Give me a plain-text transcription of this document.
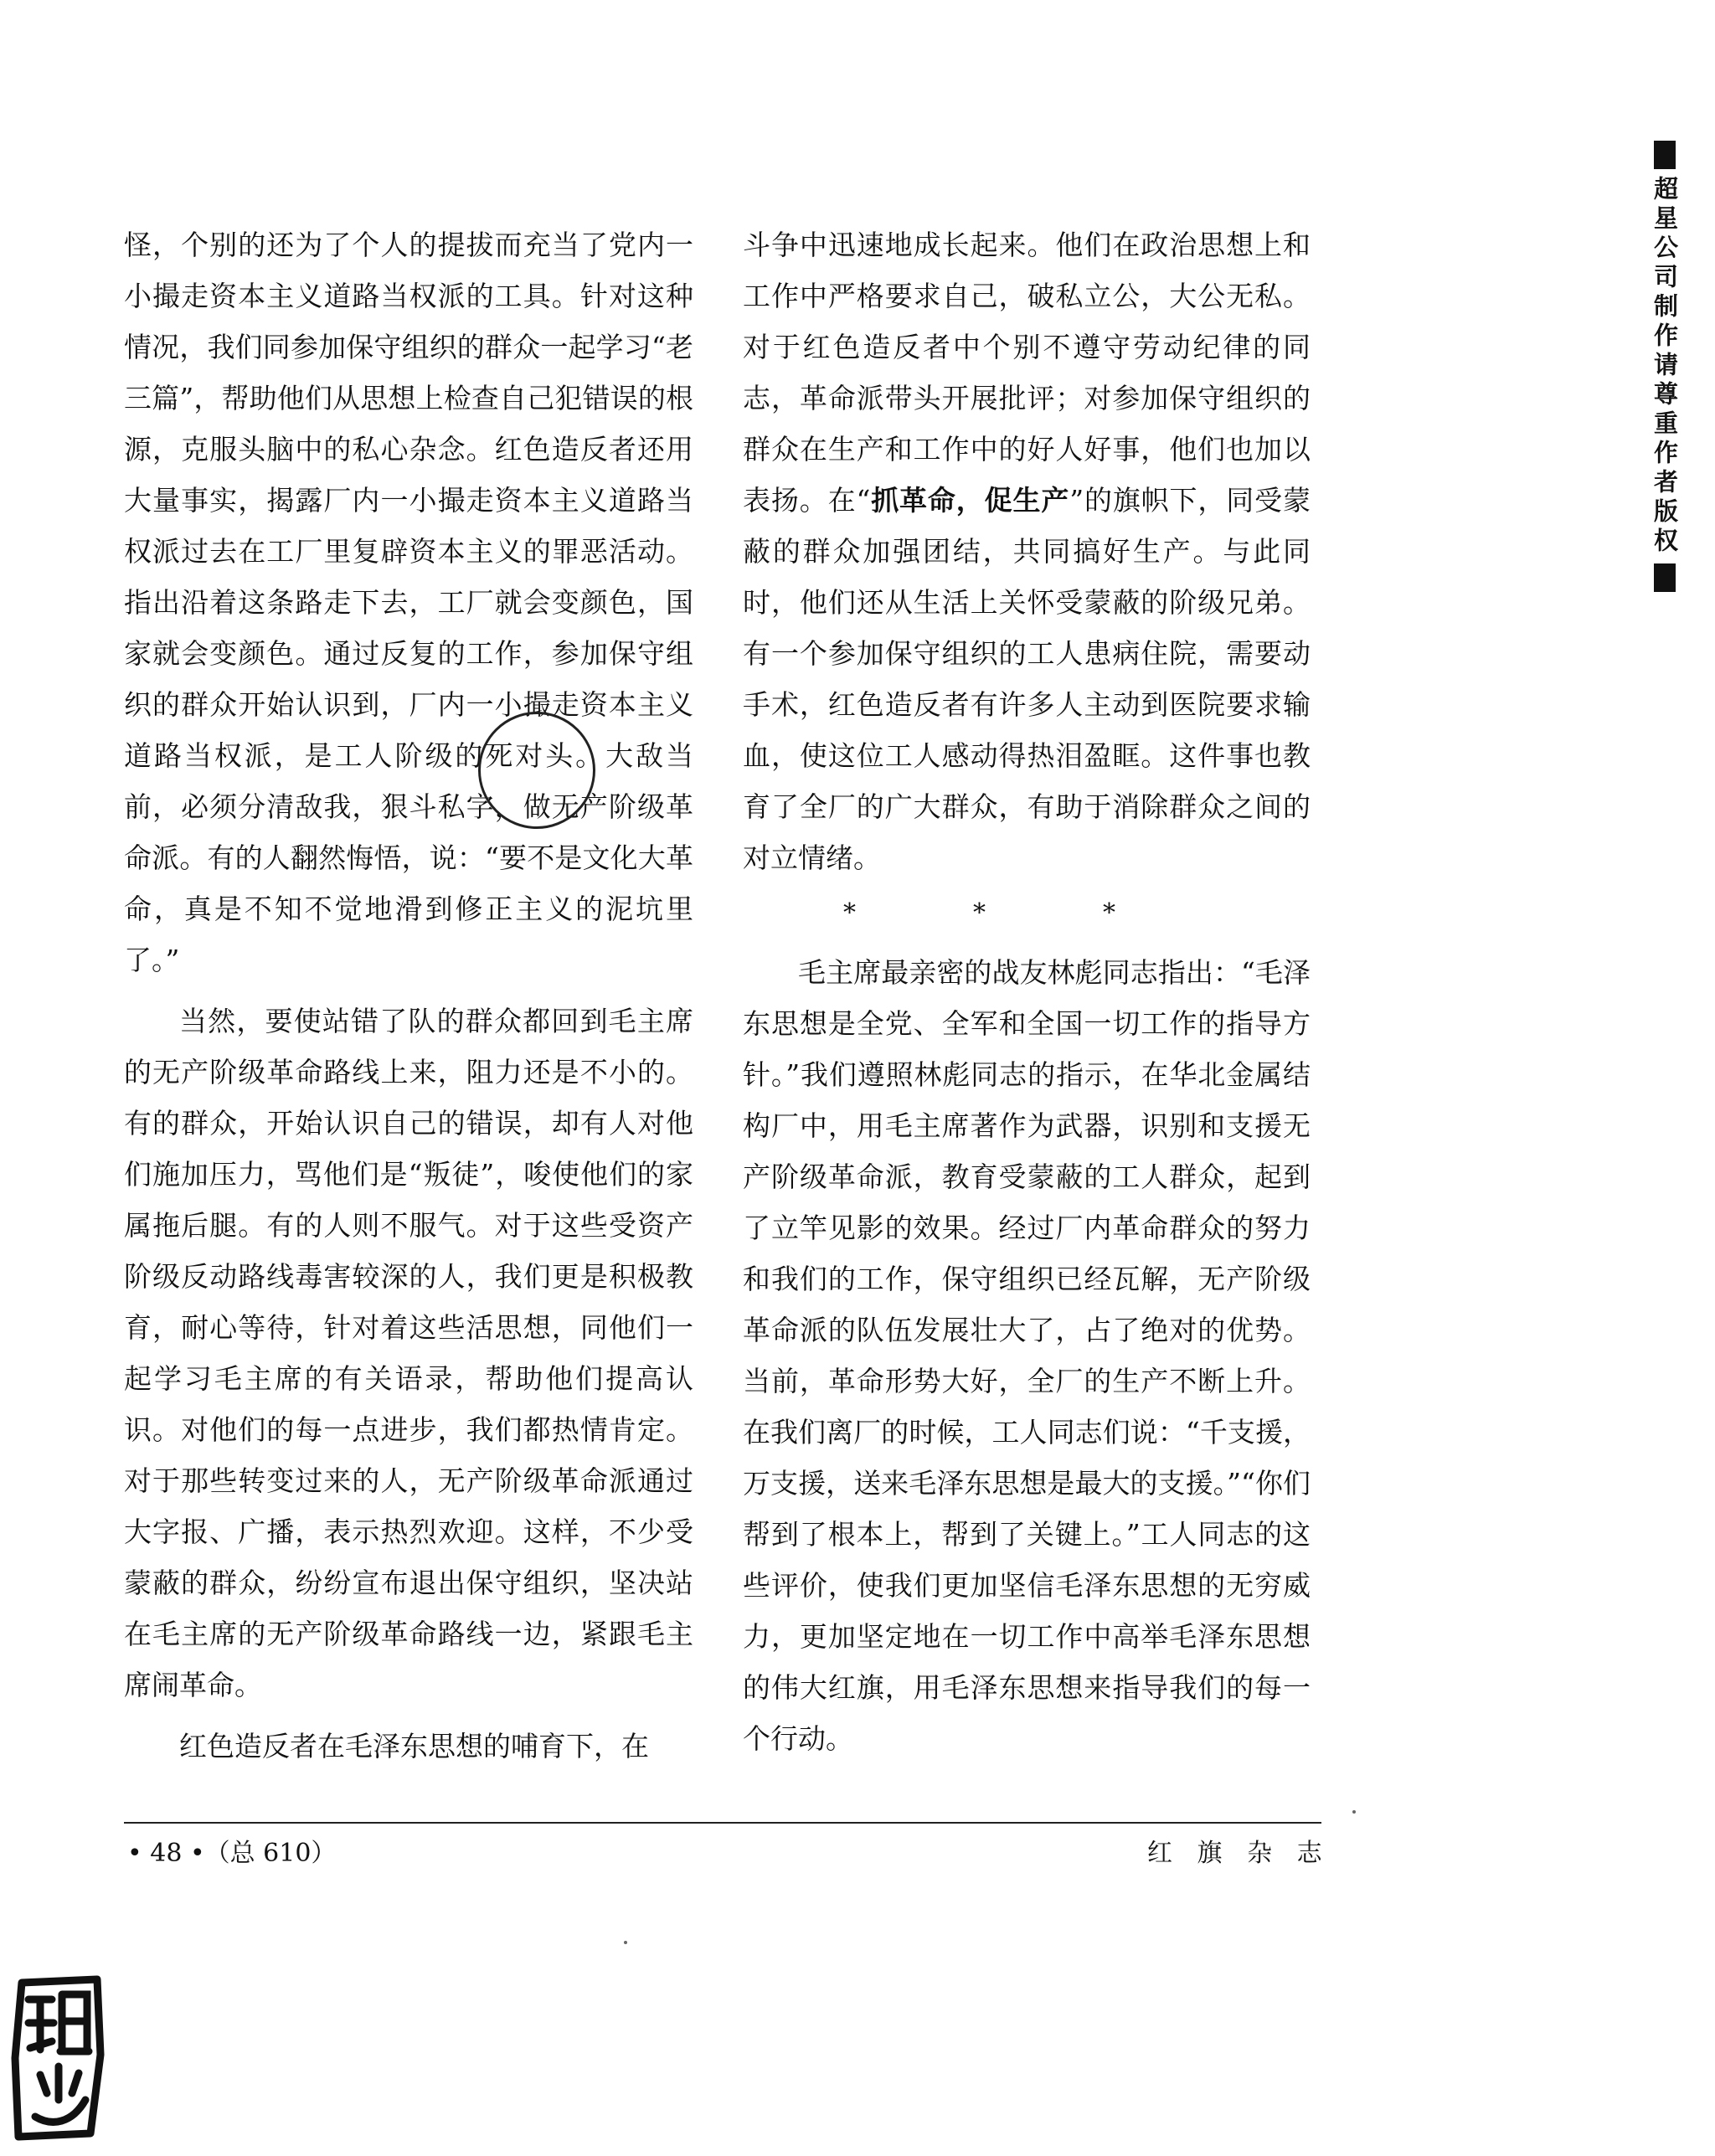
怪，个别的还为了个人的提拔而充当了党内一小撮走资本主义道路当权派的工具。针对这种情况，我们同参加保守组织的群众一起学习“老三篇”，帮助他们从思想上检查自己犯错误的根源，克服头脑中的私心杂念。红色造反者还用大量事实，揭露厂内一小撮走资本主义道路当权派过去在工厂里复辟资本主义的罪恶活动。指出沿着这条路走下去，工厂就会变颜色，国家就会变颜色。通过反复的工作，参加保守组织的群众开始认识到，厂内一小撮走资本主义道路当权派，是工人阶级的死对头。大敌当前，必须分清敌我，狠斗私字，做无产阶级革命派。有的人翻然悔悟，说：“要不是文化大革命，真是不知不觉地滑到修正主义的泥坑里了。”

当然，要使站错了队的群众都回到毛主席的无产阶级革命路线上来，阻力还是不小的。有的群众，开始认识自己的错误，却有人对他们施加压力，骂他们是“叛徒”，唆使他们的家属拖后腿。有的人则不服气。对于这些受资产阶级反动路线毒害较深的人，我们更是积极教育，耐心等待，针对着这些活思想，同他们一起学习毛主席的有关语录，帮助他们提高认识。对他们的每一点进步，我们都热情肯定。对于那些转变过来的人，无产阶级革命派通过大字报、广播，表示热烈欢迎。这样，不少受蒙蔽的群众，纷纷宣布退出保守组织，坚决站在毛主席的无产阶级革命路线一边，紧跟毛主席闹革命。

红色造反者在毛泽东思想的哺育下，在

斗争中迅速地成长起来。他们在政治思想上和工作中严格要求自己，破私立公，大公无私。对于红色造反者中个别不遵守劳动纪律的同志，革命派带头开展批评；对参加保守组织的群众在生产和工作中的好人好事，他们也加以表扬。在“抓革命，促生产”的旗帜下，同受蒙蔽的群众加强团结，共同搞好生产。与此同时，他们还从生活上关怀受蒙蔽的阶级兄弟。有一个参加保守组织的工人患病住院，需要动手术，红色造反者有许多人主动到医院要求输血，使这位工人感动得热泪盈眶。这件事也教育了全厂的广大群众，有助于消除群众之间的对立情绪。

*	*	*

毛主席最亲密的战友林彪同志指出：“毛泽东思想是全党、全军和全国一切工作的指导方针。”我们遵照林彪同志的指示，在华北金属结构厂中，用毛主席著作为武器，识别和支援无产阶级革命派，教育受蒙蔽的工人群众，起到了立竿见影的效果。经过厂内革命群众的努力和我们的工作，保守组织已经瓦解，无产阶级革命派的队伍发展壮大了，占了绝对的优势。当前，革命形势大好，全厂的生产不断上升。在我们离厂的时候，工人同志们说：“千支援，万支援，送来毛泽东思想是最大的支援。”“你们帮到了根本上，帮到了关键上。”工人同志的这些评价，使我们更加坚信毛泽东思想的无穷威力，更加坚定地在一切工作中高举毛泽东思想的伟大红旗，用毛泽东思想来指导我们的每一个行动。

• 48 •（总 610）	红 旗 杂 志
超星公司制作请尊重作者版权
